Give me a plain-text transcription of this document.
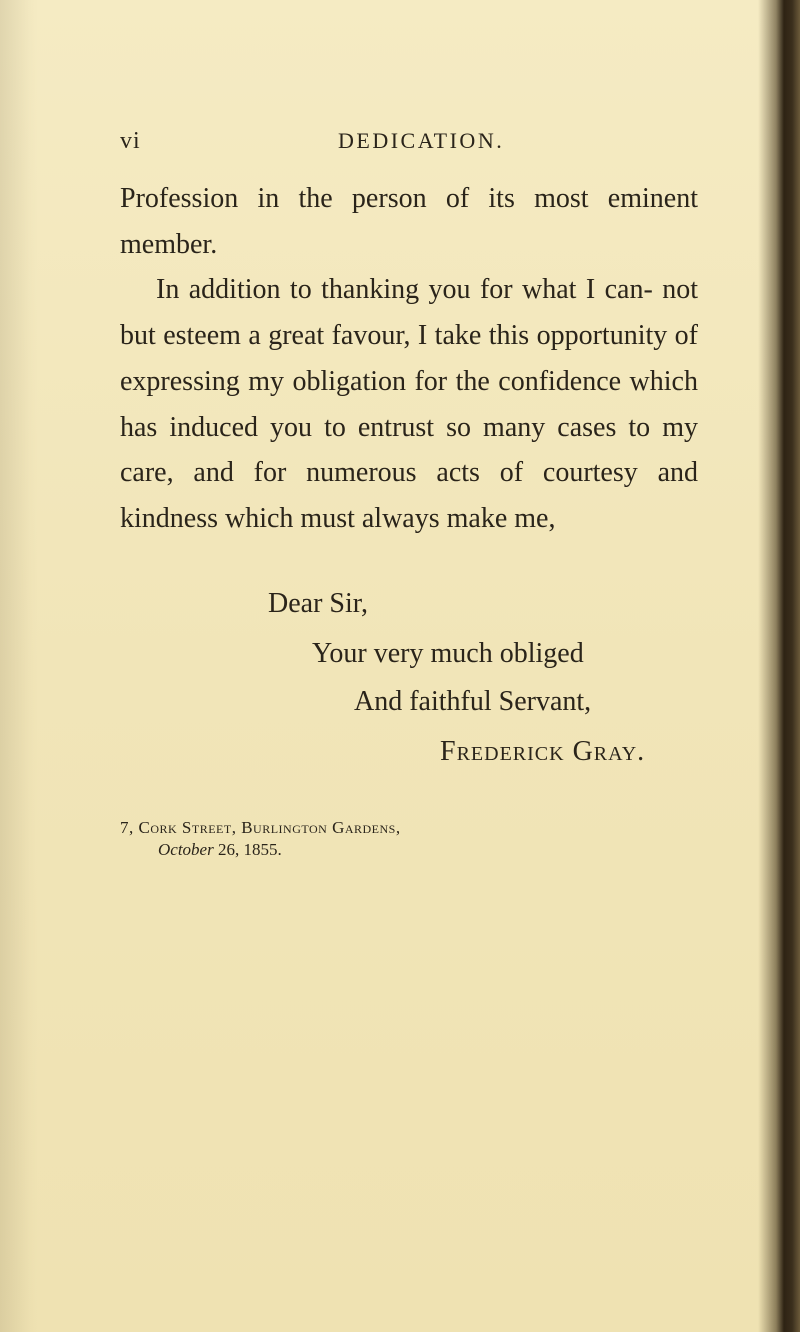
vi	DEDICATION.

Profession in the person of its most eminent member.

In addition to thanking you for what I can- not but esteem a great favour, I take this opportunity of expressing my obligation for the confidence which has induced you to entrust so many cases to my care, and for numerous acts of courtesy and kindness which must always make me,

Dear Sir,
Your very much obliged
And faithful Servant,
Frederick Gray.
7, Cork Street, Burlington Gardens,
October 26, 1855.
